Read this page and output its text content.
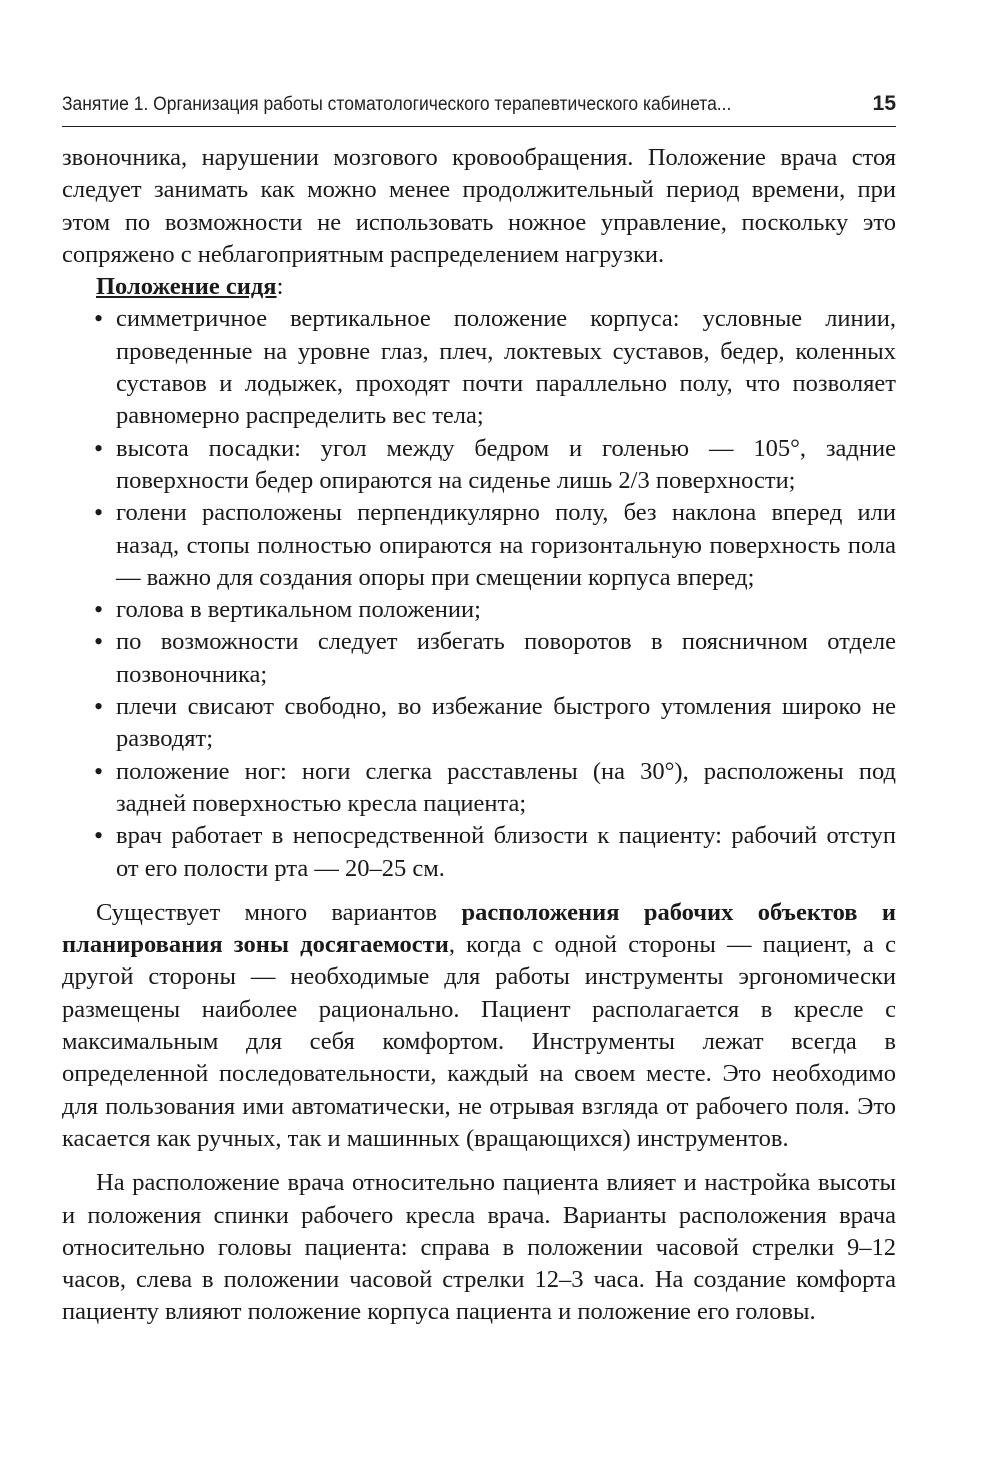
Занятие 1. Организация работы стоматологического терапевтического кабинета...	15

звоночника, нарушении мозгового кровообращения. Положение врача стоя следует занимать как можно менее продолжительный период времени, при этом по возможности не использовать ножное управление, поскольку это сопряжено с неблагоприятным распределением нагрузки.

Положение сидя:

• симметричное вертикальное положение корпуса: условные линии, проведенные на уровне глаз, плеч, локтевых суставов, бедер, коленных суставов и лодыжек, проходят почти параллельно полу, что позволяет равномерно распределить вес тела;
• высота посадки: угол между бедром и голенью — 105°, задние поверхности бедер опираются на сиденье лишь 2/3 поверхности;
• голени расположены перпендикулярно полу, без наклона вперед или назад, стопы полностью опираются на горизонтальную поверхность пола — важно для создания опоры при смещении корпуса вперед;
• голова в вертикальном положении;
• по возможности следует избегать поворотов в поясничном отделе позвоночника;
• плечи свисают свободно, во избежание быстрого утомления широко не разводят;
• положение ног: ноги слегка расставлены (на 30°), расположены под задней поверхностью кресла пациента;
• врач работает в непосредственной близости к пациенту: рабочий отступ от его полости рта — 20–25 см.

Существует много вариантов расположения рабочих объектов и планирования зоны досягаемости, когда с одной стороны — пациент, а с другой стороны — необходимые для работы инструменты эргономически размещены наиболее рационально. Пациент располагается в кресле с максимальным для себя комфортом. Инструменты лежат всегда в определенной последовательности, каждый на своем месте. Это необходимо для пользования ими автоматически, не отрывая взгляда от рабочего поля. Это касается как ручных, так и машинных (вращающихся) инструментов.

На расположение врача относительно пациента влияет и настройка высоты и положения спинки рабочего кресла врача. Варианты расположения врача относительно головы пациента: справа в положении часовой стрелки 9–12 часов, слева в положении часовой стрелки 12–3 часа. На создание комфорта пациенту влияют положение корпуса пациента и положение его головы.
